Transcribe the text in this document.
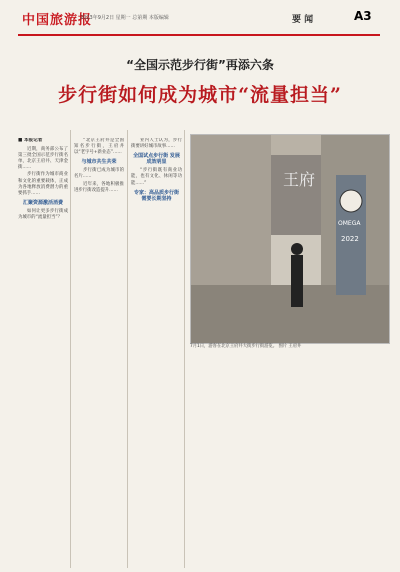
中国旅游报
2023年9月2日 星期一 总第期 本版编辑	要 闻	A3
“全国示范步行街”再添六条
步行街如何成为城市“流量担当”
■ 本报记者

近期，商务部公布了第三批全国示范步行街名单，北京王府井、天津金街……

步行街作为城市商业和文化的重要载体，正成为各地释放消费潜力的重要抓手……

汇聚资源激活消费

如何让更多步行街成为城市的“流量担当”？

“北京王府井是全国知名步行街，王府井以“老字号+新业态”……

与城市共生共荣

步行街已成为城市的名片……

近年来，各地积极推进步行街改造提升……

业内人士认为，步行街要讲好城市故事……

全国试点步行街 发展成效明显

“步行街既有商业功能，也有文化、休闲等功能……”

专家：高品质步行街 需要长期坚持
王府
OMEGA
2022
7月1日，游客在北京王府井大街步行街游览。 图片 王府井
